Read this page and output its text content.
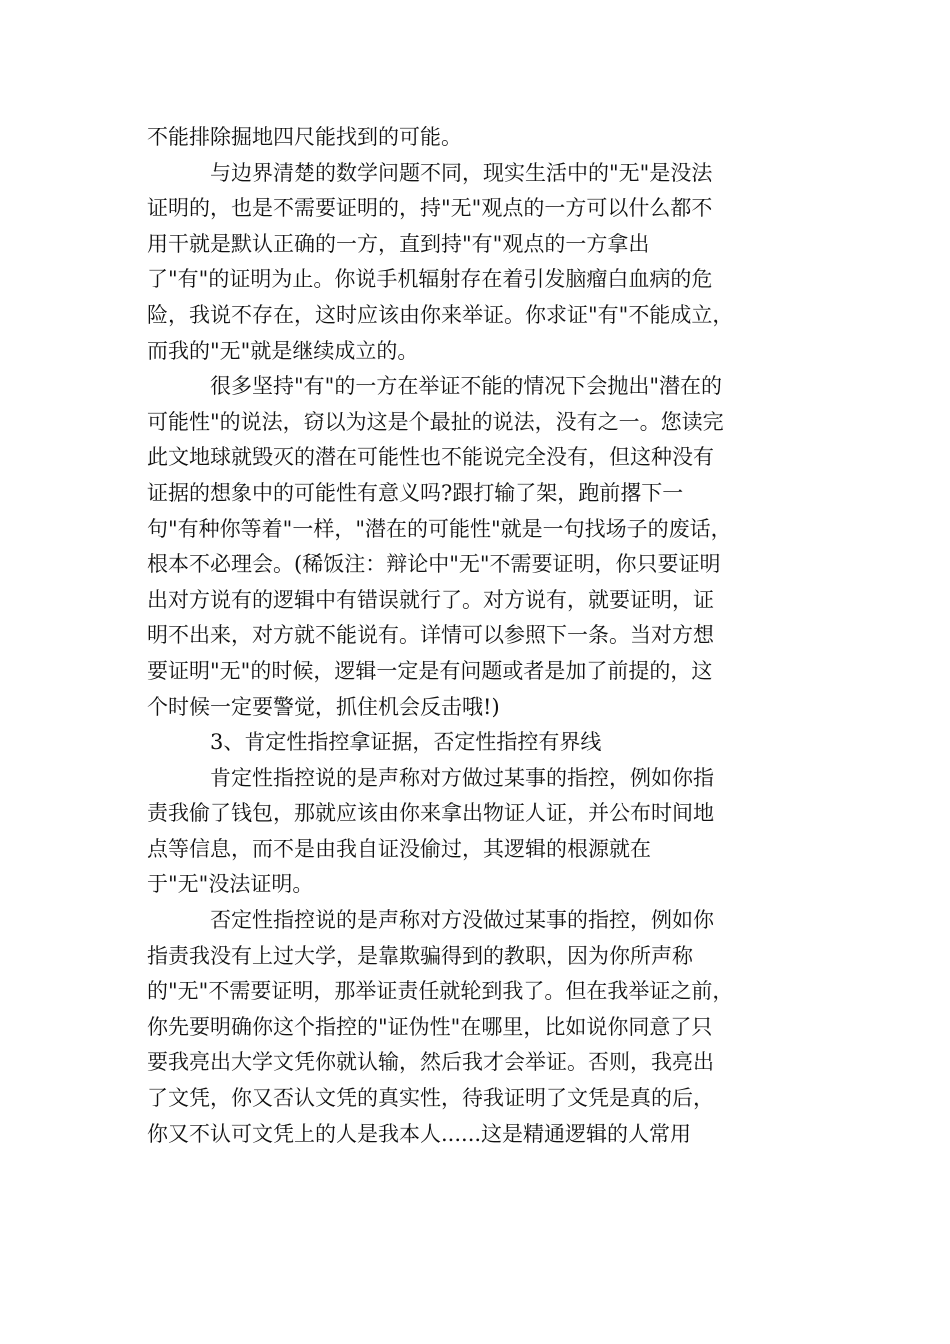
不能排除掘地四尺能找到的可能。
与边界清楚的数学问题不同，现实生活中的"无"是没法
证明的，也是不需要证明的，持"无"观点的一方可以什么都不
用干就是默认正确的一方，直到持"有"观点的一方拿出
了"有"的证明为止。你说手机辐射存在着引发脑瘤白血病的危
险，我说不存在，这时应该由你来举证。你求证"有"不能成立，
而我的"无"就是继续成立的。
很多坚持"有"的一方在举证不能的情况下会抛出"潜在的
可能性"的说法，窃以为这是个最扯的说法，没有之一。您读完
此文地球就毁灭的潜在可能性也不能说完全没有，但这种没有
证据的想象中的可能性有意义吗?跟打输了架，跑前撂下一
句"有种你等着"一样，"潜在的可能性"就是一句找场子的废话，
根本不必理会。(稀饭注：辩论中"无"不需要证明，你只要证明
出对方说有的逻辑中有错误就行了。对方说有，就要证明，证
明不出来，对方就不能说有。详情可以参照下一条。当对方想
要证明"无"的时候，逻辑一定是有问题或者是加了前提的，这
个时候一定要警觉，抓住机会反击哦!)
3、肯定性指控拿证据，否定性指控有界线
肯定性指控说的是声称对方做过某事的指控，例如你指
责我偷了钱包，那就应该由你来拿出物证人证，并公布时间地
点等信息，而不是由我自证没偷过，其逻辑的根源就在
于"无"没法证明。
否定性指控说的是声称对方没做过某事的指控，例如你
指责我没有上过大学，是靠欺骗得到的教职，因为你所声称
的"无"不需要证明，那举证责任就轮到我了。但在我举证之前，
你先要明确你这个指控的"证伪性"在哪里，比如说你同意了只
要我亮出大学文凭你就认输，然后我才会举证。否则，我亮出
了文凭，你又否认文凭的真实性，待我证明了文凭是真的后，
你又不认可文凭上的人是我本人......这是精通逻辑的人常用
